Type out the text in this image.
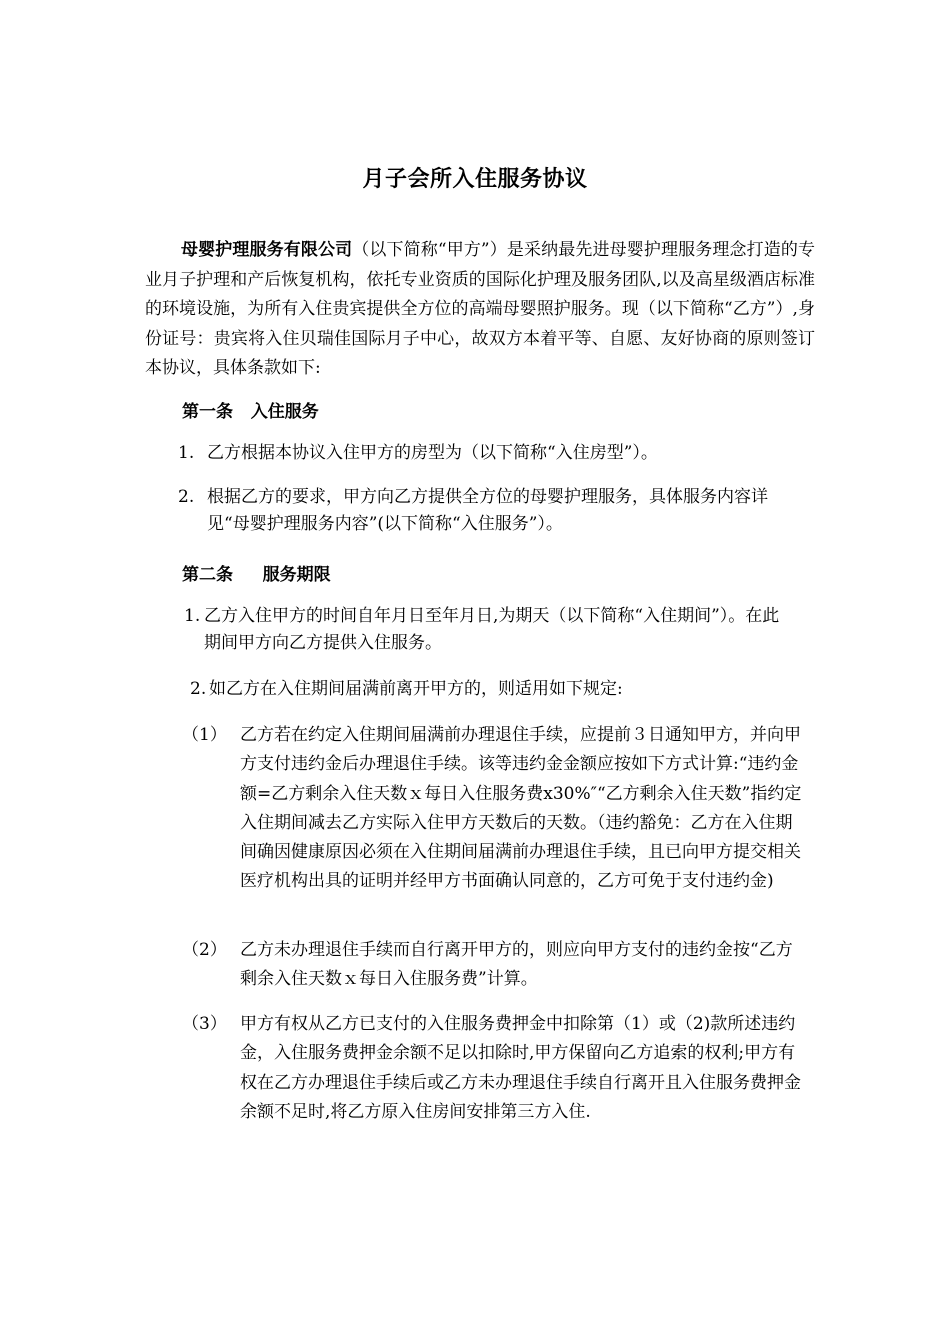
月子会所入住服务协议

母婴护理服务有限公司（以下简称“甲方”）是采纳最先进母婴护理服务理念打造的专业月子护理和产后恢复机构，依托专业资质的国际化护理及服务团队,以及高星级酒店标准的环境设施，为所有入住贵宾提供全方位的高端母婴照护服务。现（以下简称“乙方”）,身份证号：贵宾将入住贝瑞佳国际月子中心，故双方本着平等、自愿、友好协商的原则签订本协议，具体条款如下:

第一条   入住服务
1. 乙方根据本协议入住甲方的房型为（以下简称“入住房型”）。
2. 根据乙方的要求，甲方向乙方提供全方位的母婴护理服务，具体服务内容详见“母婴护理服务内容”(以下简称“入住服务”）。
第二条     服务期限
1. 乙方入住甲方的时间自年月日至年月日,为期天（以下简称“入住期间”）。在此期间甲方向乙方提供入住服务。
2. 如乙方在入住期间届满前离开甲方的，则适用如下规定:
（1） 乙方若在约定入住期间届满前办理退住手续，应提前３日通知甲方，并向甲方支付违约金后办理退住手续。该等违约金金额应按如下方式计算:“违约金额=乙方剩余入住天数ｘ每日入住服务费x30%″“乙方剩余入住天数”指约定入住期间减去乙方实际入住甲方天数后的天数。（违约豁免：乙方在入住期间确因健康原因必须在入住期间届满前办理退住手续，且已向甲方提交相关医疗机构出具的证明并经甲方书面确认同意的，乙方可免于支付违约金)
（2） 乙方未办理退住手续而自行离开甲方的，则应向甲方支付的违约金按“乙方剩余入住天数ｘ每日入住服务费”计算。
（3） 甲方有权从乙方已支付的入住服务费押金中扣除第（1）或（2)款所述违约金，入住服务费押金余额不足以扣除时,甲方保留向乙方追索的权利;甲方有权在乙方办理退住手续后或乙方未办理退住手续自行离开且入住服务费押金余额不足时,将乙方原入住房间安排第三方入住.
